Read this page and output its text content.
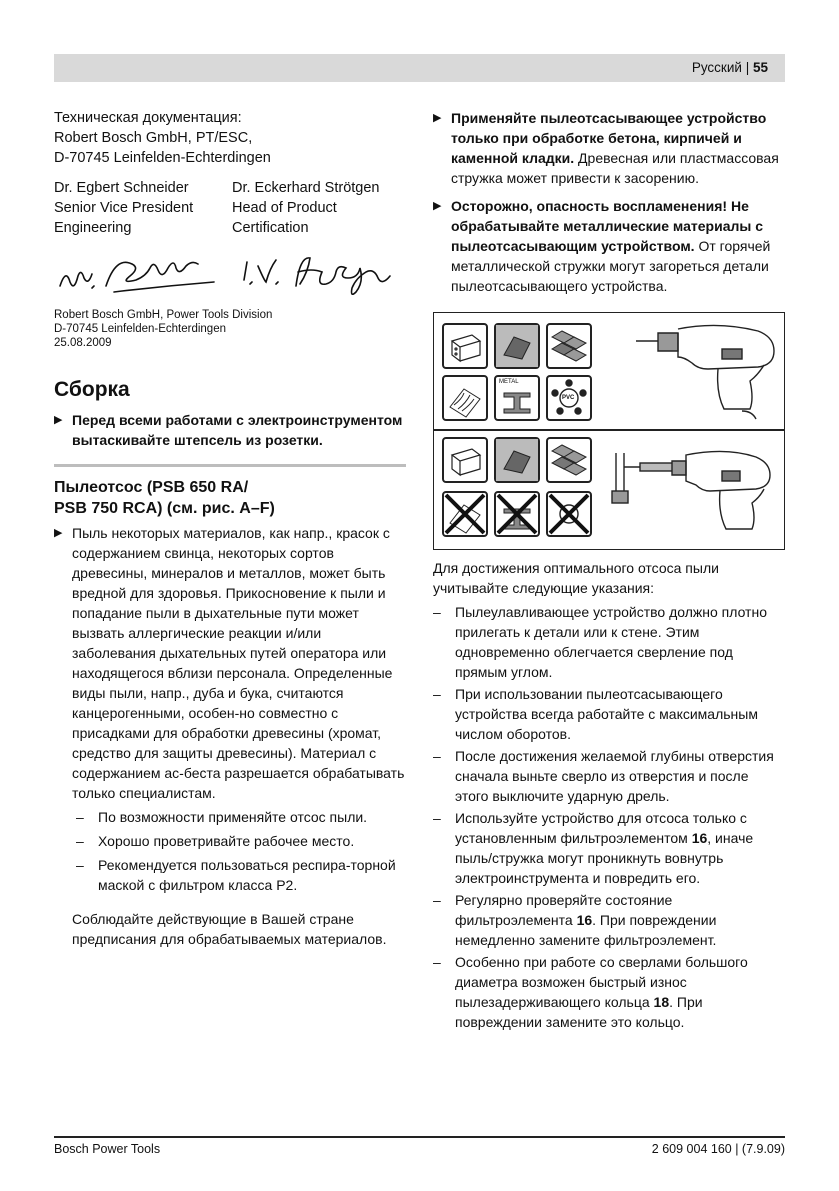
Русский | 55
Техническая документация:
Robert Bosch GmbH, PT/ESC,
D-70745 Leinfelden-Echterdingen
Dr. Egbert Schneider	Dr. Eckerhard Strötgen
Senior Vice President	Head of Product
Engineering	Certification
Robert Bosch GmbH, Power Tools Division
D-70745 Leinfelden-Echterdingen
25.08.2009
Сборка
▶ Перед всеми работами с электроинструментом вытаскивайте штепсель из розетки.
Пылеотсос (PSB 650 RA/
PSB 750 RCA) (см. рис. A–F)
▶ Пыль некоторых материалов, как напр., красок с содержанием свинца, некоторых сортов древесины, минералов и металлов, может быть вредной для здоровья. Прикосновение к пыли и попадание пыли в дыхательные пути может вызвать аллергические реакции и/или заболевания дыхательных путей оператора или находящегося вблизи персонала. Определенные виды пыли, напр., дуба и бука, считаются канцерогенными, особен-но совместно с присадками для обработки древесины (хромат, средство для защиты древесины). Материал с содержанием ас-беста разрешается обрабатывать только специалистам.
– По возможности применяйте отсос пыли.
– Хорошо проветривайте рабочее место.
– Рекомендуется пользоваться респира-торной маской с фильтром класса P2.
Соблюдайте действующие в Вашей стране предписания для обрабатываемых материалов.
▶ Применяйте пылеотсасывающее устройство только при обработке бетона, кирпичей и каменной кладки. Древесная или пластмассовая стружка может привести к засорению.
▶ Осторожно, опасность воспламенения! Не обрабатывайте металлические материалы с пылеотсасывающим устройством. От горячей металлической стружки могут загореться детали пылеотсасывающего устройства.
METAL
PVC
Для достижения оптимального отсоса пыли учитывайте следующие указания:
– Пылеулавливающее устройство должно плотно прилегать к детали или к стене. Этим одновременно облегчается сверление под прямым углом.
– При использовании пылеотсасывающего устройства всегда работайте с максимальным числом оборотов.
– После достижения желаемой глубины отверстия сначала выньте сверло из отверстия и после этого выключите ударную дрель.
– Используйте устройство для отсоса только с установленным фильтроэлементом 16, иначе пыль/стружка могут проникнуть вовнутрь электроинструмента и повредить его.
– Регулярно проверяйте состояние фильтроэлемента 16. При повреждении немедленно замените фильтроэлемент.
– Особенно при работе со сверлами большого диаметра возможен быстрый износ пылезадерживающего кольца 18. При повреждении замените это кольцо.
Bosch Power Tools	2 609 004 160 | (7.9.09)
